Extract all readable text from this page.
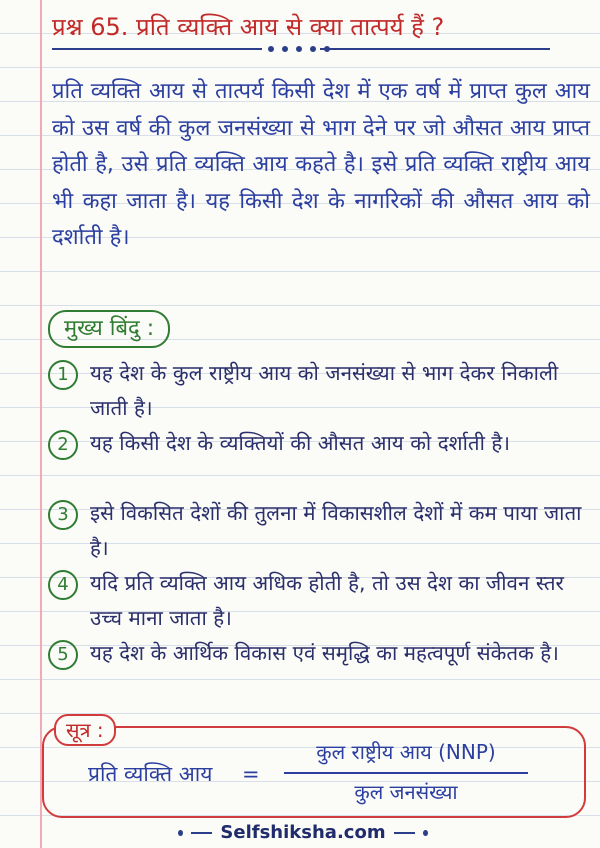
प्रश्न 65. प्रति व्यक्ति आय से क्या तात्पर्य हैं ?
प्रति व्यक्ति आय से तात्पर्य किसी देश में एक वर्ष में प्राप्त कुल आय को उस वर्ष की कुल जनसंख्या से भाग देने पर जो औसत आय प्राप्त होती है, उसे प्रति व्यक्ति आय कहते है। इसे प्रति व्यक्ति राष्ट्रीय आय भी कहा जाता है। यह किसी देश के नागरिकों की औसत आय को दर्शाती है।
मुख्य बिंदु :
1	यह देश के कुल राष्ट्रीय आय को जनसंख्या से भाग देकर निकाली जाती है।
2	यह किसी देश के व्यक्तियों की औसत आय को दर्शाती है।
3	इसे विकसित देशों की तुलना में विकासशील देशों में कम पाया जाता है।
4	यदि प्रति व्यक्ति आय अधिक होती है, तो उस देश का जीवन स्तर उच्च माना जाता है।
5	यह देश के आर्थिक विकास एवं समृद्धि का महत्वपूर्ण संकेतक है।
सूत्र :
प्रति व्यक्ति आय =
कुल राष्ट्रीय आय (NNP)
कुल जनसंख्या
Selfshiksha.com
